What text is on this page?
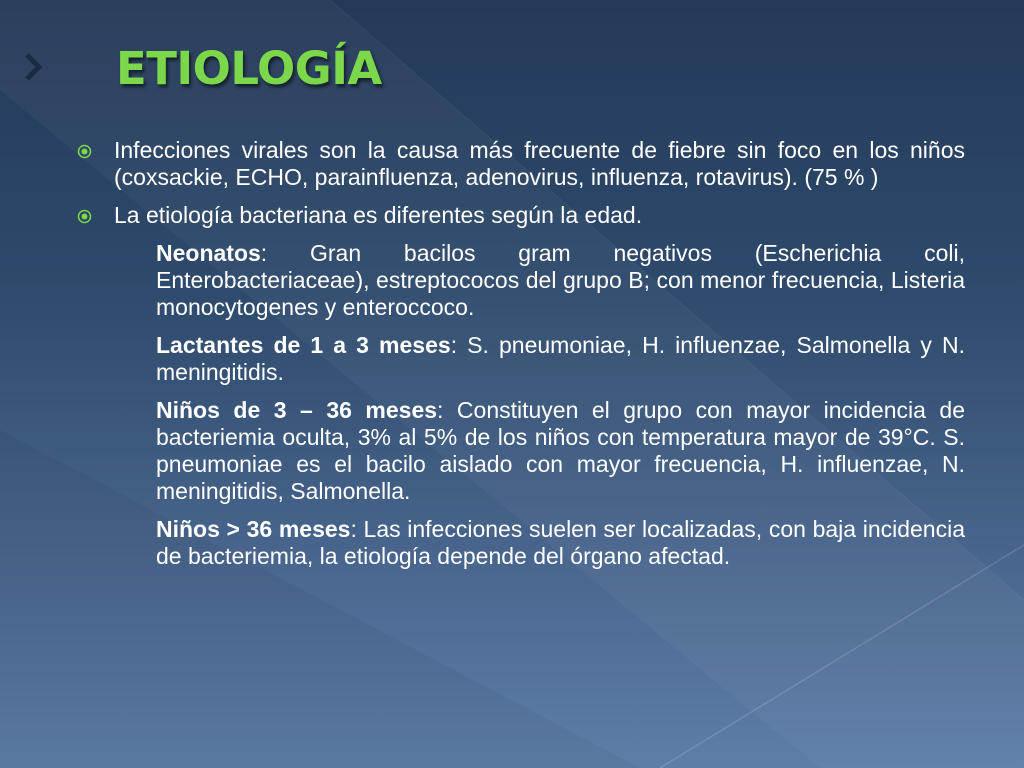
ETIOLOGÍA
Infecciones virales son la causa más frecuente de fiebre sin foco en los niños (coxsackie, ECHO, parainfluenza, adenovirus, influenza, rotavirus). (75 % )
La etiología bacteriana es diferentes según la edad.
Neonatos: Gran bacilos gram negativos (Escherichia coli, Enterobacteriaceae), estreptococos del grupo B; con menor frecuencia, Listeria monocytogenes y enteroccoco.
Lactantes de 1 a 3 meses: S. pneumoniae, H. influenzae, Salmonella y N. meningitidis.
Niños de 3 – 36 meses: Constituyen el grupo con mayor incidencia de bacteriemia oculta, 3% al 5% de los niños con temperatura mayor de 39°C. S. pneumoniae es el bacilo aislado con mayor frecuencia, H. influenzae, N. meningitidis, Salmonella.
Niños > 36 meses: Las infecciones suelen ser localizadas, con baja incidencia de bacteriemia, la etiología depende del órgano afectad.
